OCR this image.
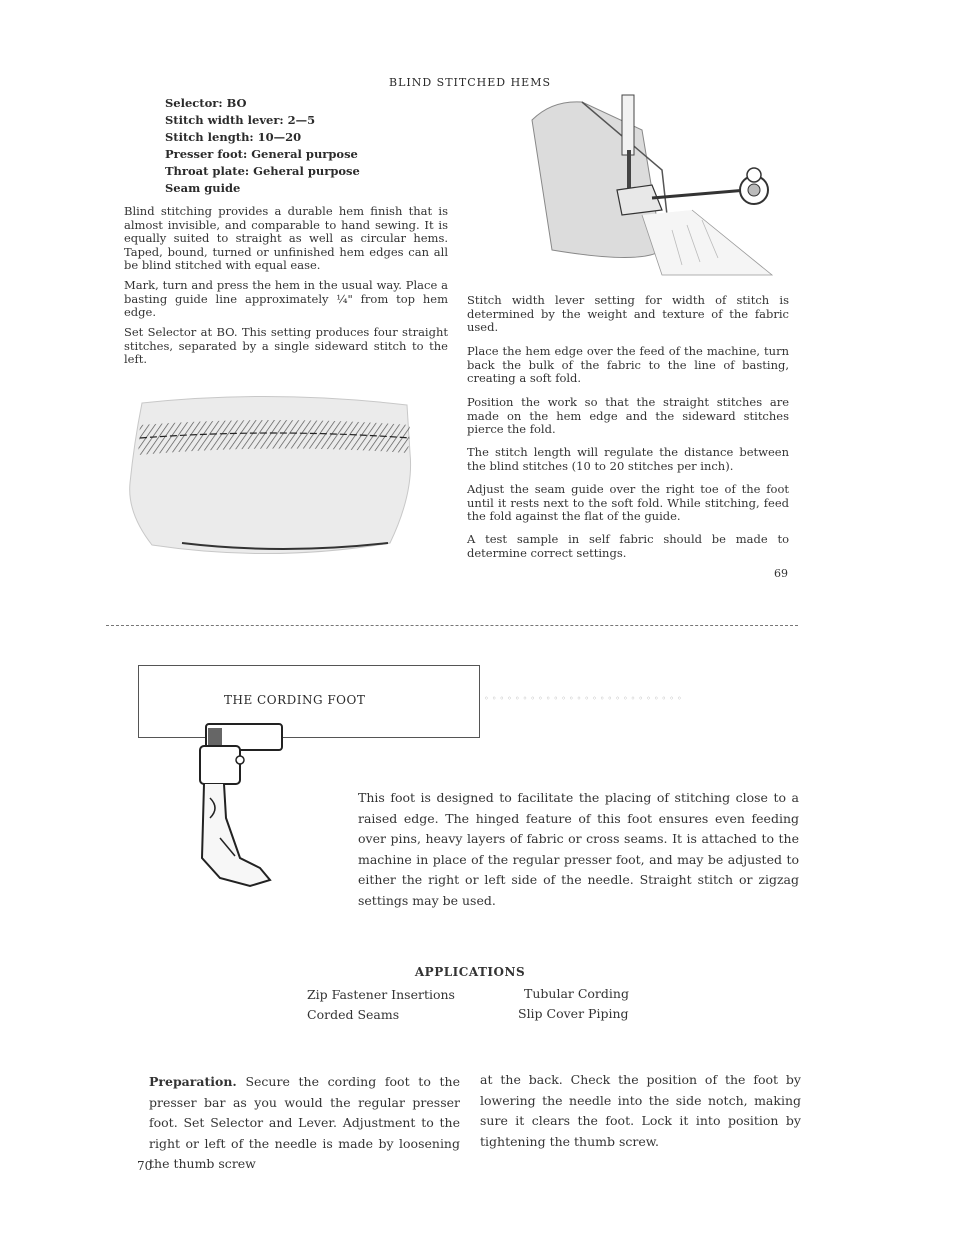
BLIND STITCHED HEMS
Selector: BO
Stitch width lever: 2—5
Stitch length: 10—20
Presser foot: General purpose
Throat plate: Geheral purpose
Seam guide

Blind stitching provides a durable hem finish that is almost invisible, and comparable to hand sewing. It is equally suited to straight as well as circular hems. Taped, bound, turned or unfinished hem edges can all be blind stitched with equal ease.

Mark, turn and press the hem in the usual way. Place a basting guide line approximately ¼" from top hem edge.

Set Selector at BO. This setting produces four straight stitches, separated by a single sideward stitch to the left.

Stitch width lever setting for width of stitch is determined by the weight and texture of the fabric used.

Place the hem edge over the feed of the machine, turn back the bulk of the fabric to the line of basting, creating a soft fold.

Position the work so that the straight stitches are made on the hem edge and the sideward stitches pierce the fold.

The stitch length will regulate the distance between the blind stitches (10 to 20 stitches per inch).

Adjust the seam guide over the right toe of the foot until it rests next to the soft fold. While stitching, feed the fold against the flat of the guide.

A test sample in self fabric should be made to determine correct settings.

69
THE CORDING FOOT	◦◦◦◦◦◦◦◦◦◦◦◦◦◦◦◦◦◦◦◦◦◦◦◦◦◦
This foot is designed to facilitate the placing of stitching close to a raised edge. The hinged feature of this foot ensures even feeding over pins, heavy layers of fabric or cross seams. It is attached to the machine in place of the regular presser foot, and may be adjusted to either the right or left side of the needle. Straight stitch or zigzag settings may be used.
APPLICATIONS
Zip Fastener Insertions	Tubular Cording
Corded Seams	Slip Cover Piping
Preparation. Secure the cording foot to the presser bar as you would the regular presser foot. Set Selector and Lever. Adjustment to the right or left of the needle is made by loosening the thumb screw
at the back. Check the position of the foot by lowering the needle into the side notch, making sure it clears the foot. Lock it into position by tightening the thumb screw.
70
